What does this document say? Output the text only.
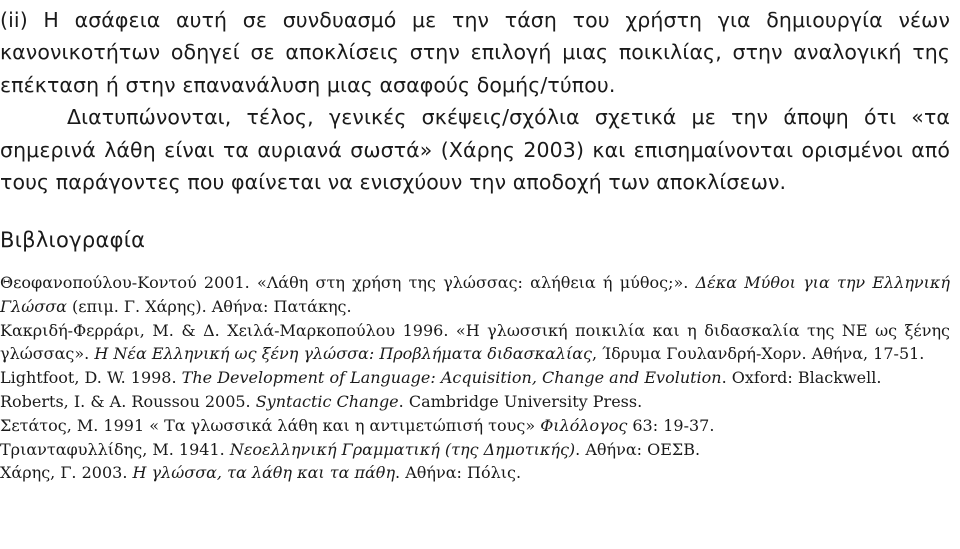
(ii) Η ασάφεια αυτή σε συνδυασμό με την τάση του χρήστη για δημιουργία νέων κανονικοτήτων οδηγεί σε αποκλίσεις στην επιλογή μιας ποικιλίας, στην αναλογική της επέκταση ή στην επανανάλυση μιας ασαφούς δομής/τύπου.
Διατυπώνονται, τέλος, γενικές σκέψεις/σχόλια σχετικά με την άποψη ότι «τα σημερινά λάθη είναι τα αυριανά σωστά» (Χάρης 2003) και επισημαίνονται ορισμένοι από τους παράγοντες που φαίνεται να ενισχύουν την αποδοχή των αποκλίσεων.

Βιβλιογραφία
Θεοφανοπούλου-Κοντού 2001. «Λάθη στη χρήση της γλώσσας: αλήθεια ή μύθος;». Δέκα Μύθοι για την Ελληνική Γλώσσα (επιμ. Γ. Χάρης). Αθήνα: Πατάκης.
Κακριδή-Φερράρι, Μ. & Δ. Χειλά-Μαρκοπούλου 1996. «Η γλωσσική ποικιλία και η διδασκαλία της ΝΕ ως ξένης γλώσσας». Η Νέα Ελληνική ως ξένη γλώσσα: Προβλήματα διδασκαλίας, Ίδρυμα Γουλανδρή-Χορν. Αθήνα, 17-51.
Lightfoot, D. W. 1998. The Development of Language: Acquisition, Change and Evolution. Oxford: Blackwell.
Roberts, I. & A. Roussou 2005. Syntactic Change. Cambridge University Press.
Σετάτος, Μ. 1991 « Τα γλωσσικά λάθη και η αντιμετώπισή τους» Φιλόλογος 63: 19-37.
Τριανταφυλλίδης, Μ. 1941. Νεοελληνική Γραμματική (της Δημοτικής). Αθήνα: ΟΕΣΒ.
Χάρης, Γ. 2003. Η γλώσσα, τα λάθη και τα πάθη. Αθήνα: Πόλις.
